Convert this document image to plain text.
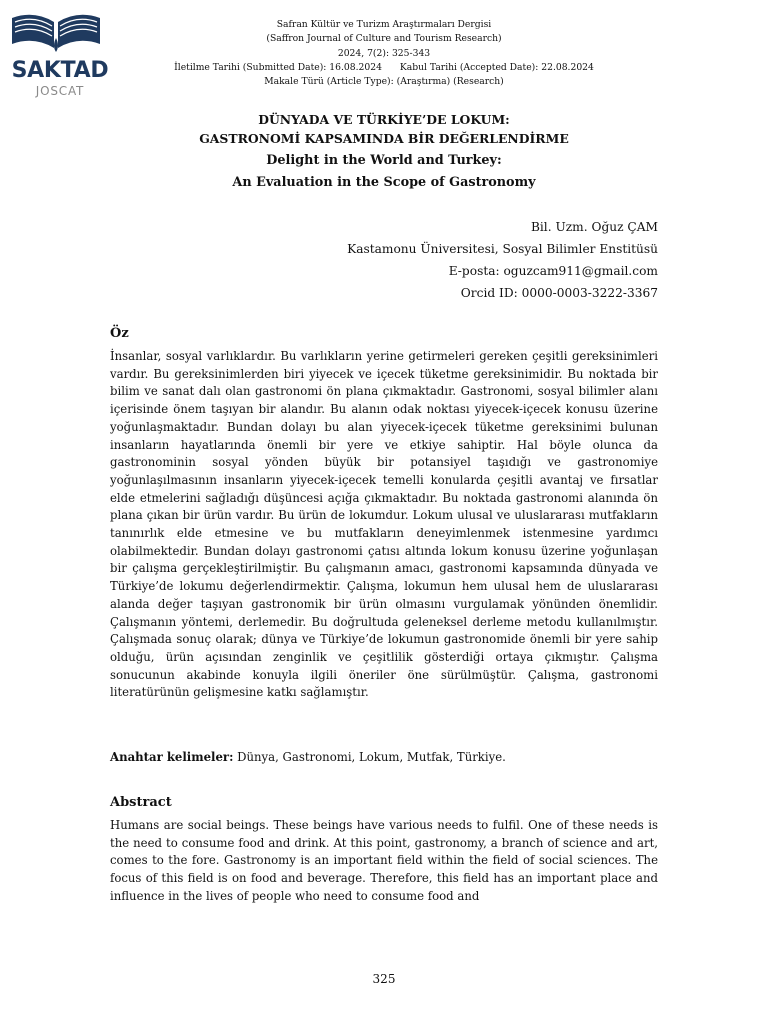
SAKTAD
JOSCAT
Safran Kültür ve Turizm Araştırmaları Dergisi
(Saffron Journal of Culture and Tourism Research)
2024, 7(2): 325-343
İletilme Tarihi (Submitted Date): 16.08.2024 Kabul Tarihi (Accepted Date): 22.08.2024
Makale Türü (Article Type): (Araştırma) (Research)
DÜNYADA VE TÜRKİYE’DE LOKUM:
GASTRONOMİ KAPSAMINDA BİR DEĞERLENDİRME
Delight in the World and Turkey:
An Evaluation in the Scope of Gastronomy
Bil. Uzm. Oğuz ÇAM
Kastamonu Üniversitesi, Sosyal Bilimler Enstitüsü
E-posta: oguzcam911@gmail.com
Orcid ID: 0000-0003-3222-3367
Öz
İnsanlar, sosyal varlıklardır. Bu varlıkların yerine getirmeleri gereken çeşitli gereksinimleri vardır. Bu gereksinimlerden biri yiyecek ve içecek tüketme gereksinimidir. Bu noktada bir bilim ve sanat dalı olan gastronomi ön plana çıkmaktadır. Gastronomi, sosyal bilimler alanı içerisinde önem taşıyan bir alandır. Bu alanın odak noktası yiyecek-içecek konusu üzerine yoğunlaşmaktadır. Bundan dolayı bu alan yiyecek-içecek tüketme gereksinimi bulunan insanların hayatlarında önemli bir yere ve etkiye sahiptir. Hal böyle olunca da gastronominin sosyal yönden büyük bir potansiyel taşıdığı ve gastronomiye yoğunlaşılmasının insanların yiyecek-içecek temelli konularda çeşitli avantaj ve fırsatlar elde etmelerini sağladığı düşüncesi açığa çıkmaktadır. Bu noktada gastronomi alanında ön plana çıkan bir ürün vardır. Bu ürün de lokumdur. Lokum ulusal ve uluslararası mutfakların tanınırlık elde etmesine ve bu mutfakların deneyimlenmek istenmesine yardımcı olabilmektedir. Bundan dolayı gastronomi çatısı altında lokum konusu üzerine yoğunlaşan bir çalışma gerçekleştirilmiştir. Bu çalışmanın amacı, gastronomi kapsamında dünyada ve Türkiye’de lokumu değerlendirmektir. Çalışma, lokumun hem ulusal hem de uluslararası alanda değer taşıyan gastronomik bir ürün olmasını vurgulamak yönünden önemlidir. Çalışmanın yöntemi, derlemedir. Bu doğrultuda geleneksel derleme metodu kullanılmıştır. Çalışmada sonuç olarak; dünya ve Türkiye’de lokumun gastronomide önemli bir yere sahip olduğu, ürün açısından zenginlik ve çeşitlilik gösterdiği ortaya çıkmıştır. Çalışma sonucunun akabinde konuyla ilgili öneriler öne sürülmüştür. Çalışma, gastronomi literatürünün gelişmesine katkı sağlamıştır.
Anahtar kelimeler: Dünya, Gastronomi, Lokum, Mutfak, Türkiye.
Abstract
Humans are social beings. These beings have various needs to fulfil. One of these needs is the need to consume food and drink. At this point, gastronomy, a branch of science and art, comes to the fore. Gastronomy is an important field within the field of social sciences. The focus of this field is on food and beverage. Therefore, this field has an important place and influence in the lives of people who need to consume food and
325
